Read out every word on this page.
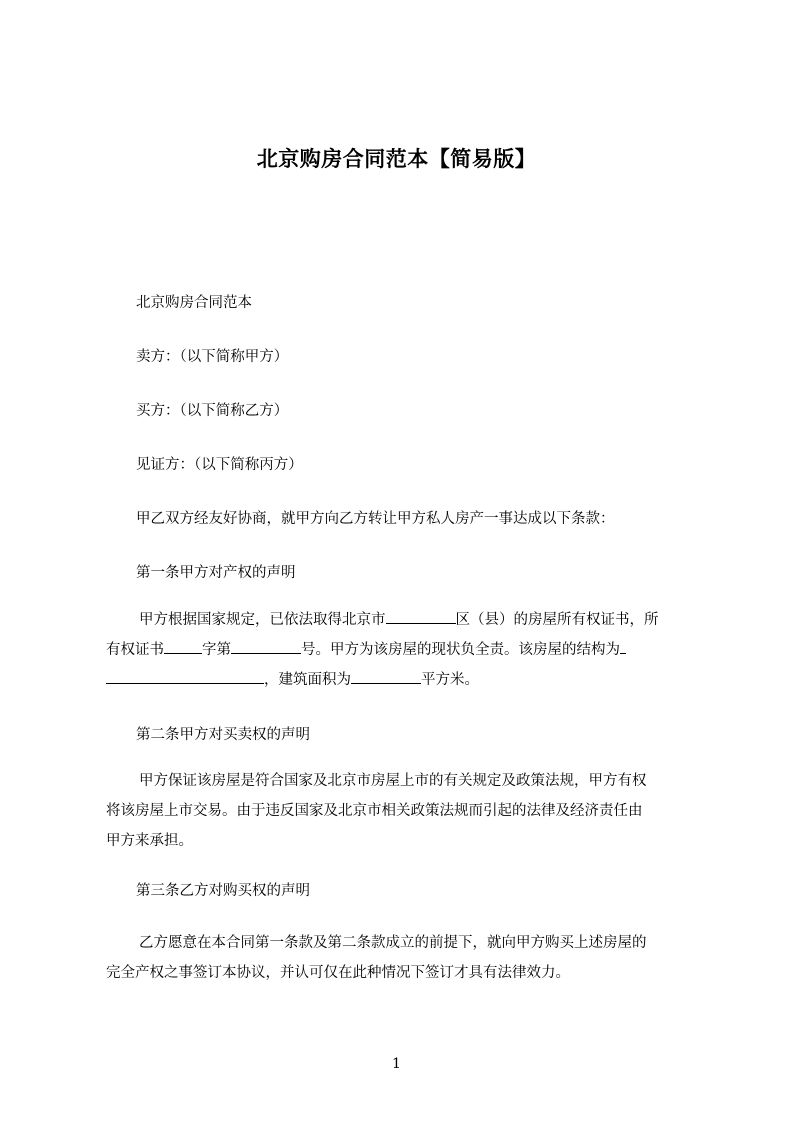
北京购房合同范本【简易版】
北京购房合同范本
卖方：（以下简称甲方）
买方：（以下简称乙方）
见证方：（以下简称丙方）
甲乙双方经友好协商，就甲方向乙方转让甲方私人房产一事达成以下条款：
第一条甲方对产权的声明
甲方根据国家规定，已依法取得北京市	区（县）的房屋所有权证书，所
有权证书	字第	号。甲方为该房屋的现状负全责。该房屋的结构为
，建筑面积为	平方米。
第二条甲方对买卖权的声明
甲方保证该房屋是符合国家及北京市房屋上市的有关规定及政策法规，甲方有权
将该房屋上市交易。由于违反国家及北京市相关政策法规而引起的法律及经济责任由
甲方来承担。
第三条乙方对购买权的声明
乙方愿意在本合同第一条款及第二条款成立的前提下，就向甲方购买上述房屋的
完全产权之事签订本协议，并认可仅在此种情况下签订才具有法律效力。
1
